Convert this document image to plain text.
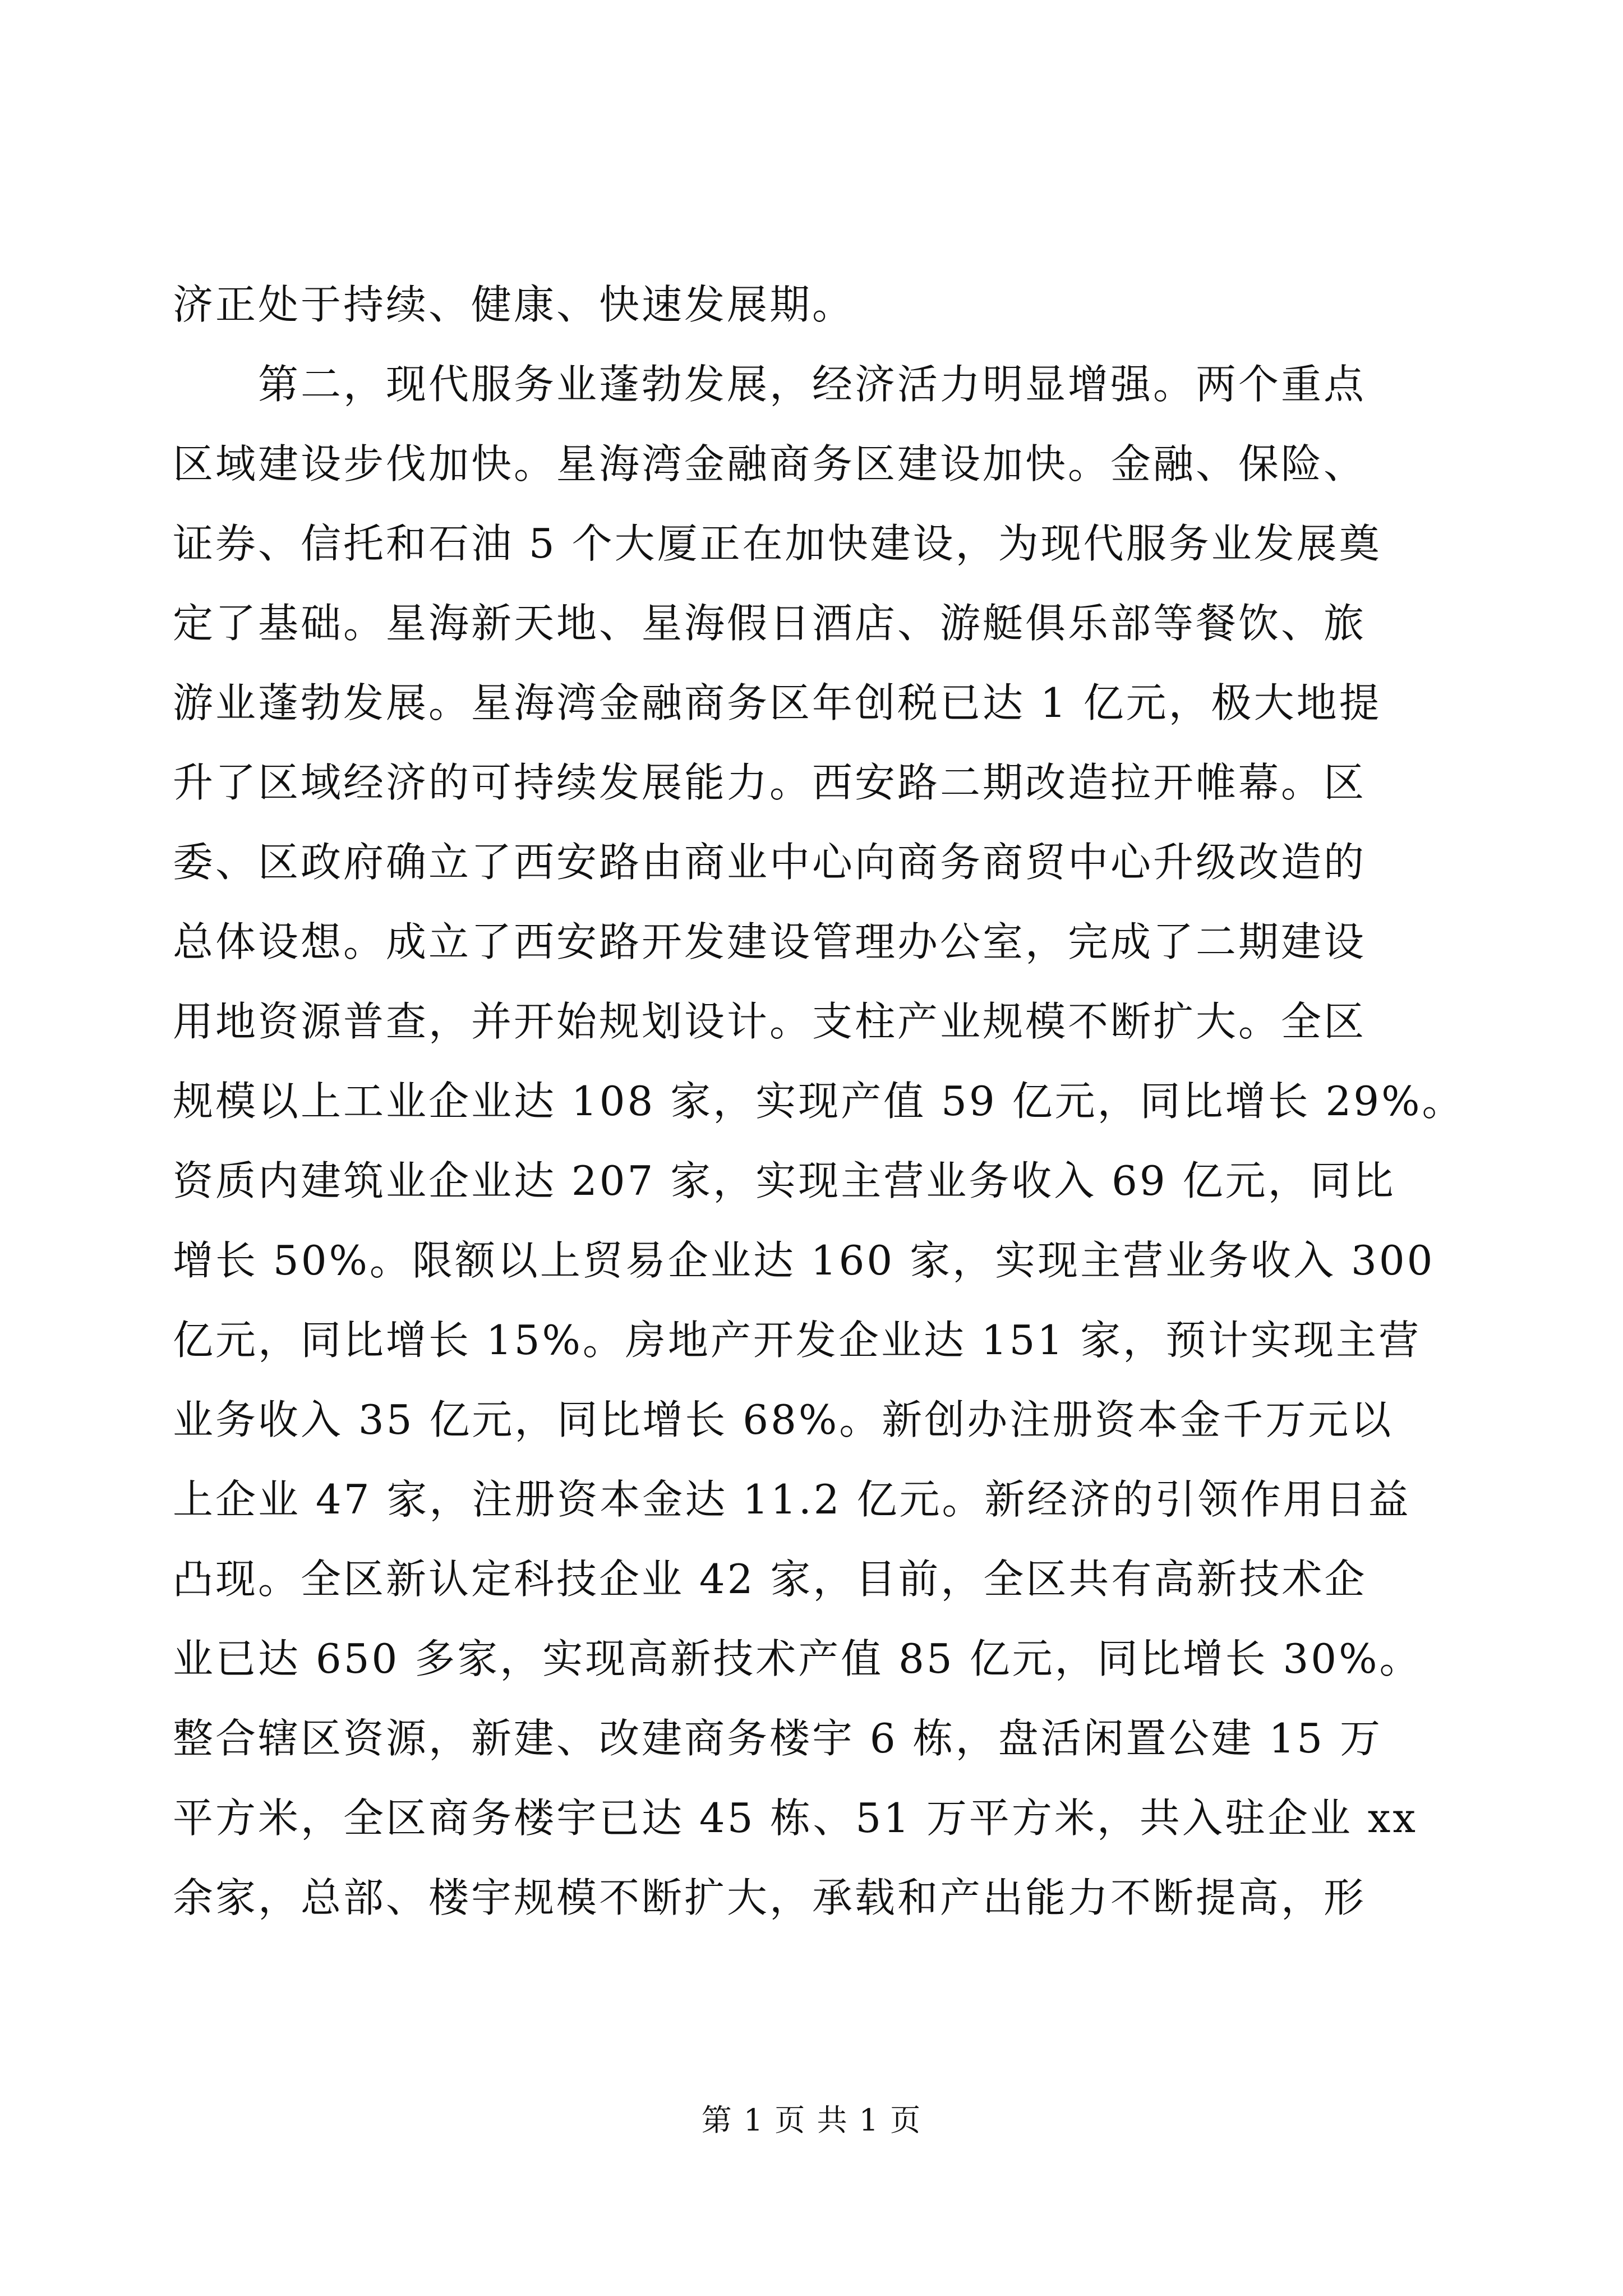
济正处于持续、健康、快速发展期。
　　第二，现代服务业蓬勃发展，经济活力明显增强。两个重点
区域建设步伐加快。星海湾金融商务区建设加快。金融、保险、
证券、信托和石油 5 个大厦正在加快建设，为现代服务业发展奠
定了基础。星海新天地、星海假日酒店、游艇俱乐部等餐饮、旅
游业蓬勃发展。星海湾金融商务区年创税已达 1 亿元，极大地提
升了区域经济的可持续发展能力。西安路二期改造拉开帷幕。区
委、区政府确立了西安路由商业中心向商务商贸中心升级改造的
总体设想。成立了西安路开发建设管理办公室，完成了二期建设
用地资源普查，并开始规划设计。支柱产业规模不断扩大。全区
规模以上工业企业达 108 家，实现产值 59 亿元，同比增长 29%。
资质内建筑业企业达 207 家，实现主营业务收入 69 亿元，同比
增长 50%。限额以上贸易企业达 160 家，实现主营业务收入 300
亿元，同比增长 15%。房地产开发企业达 151 家，预计实现主营
业务收入 35 亿元，同比增长 68%。新创办注册资本金千万元以
上企业 47 家，注册资本金达 11.2 亿元。新经济的引领作用日益
凸现。全区新认定科技企业 42 家，目前，全区共有高新技术企
业已达 650 多家，实现高新技术产值 85 亿元，同比增长 30%。
整合辖区资源，新建、改建商务楼宇 6 栋，盘活闲置公建 15 万
平方米，全区商务楼宇已达 45 栋、51 万平方米，共入驻企业 xx
余家，总部、楼宇规模不断扩大，承载和产出能力不断提高，形
第 1 页 共 1 页
